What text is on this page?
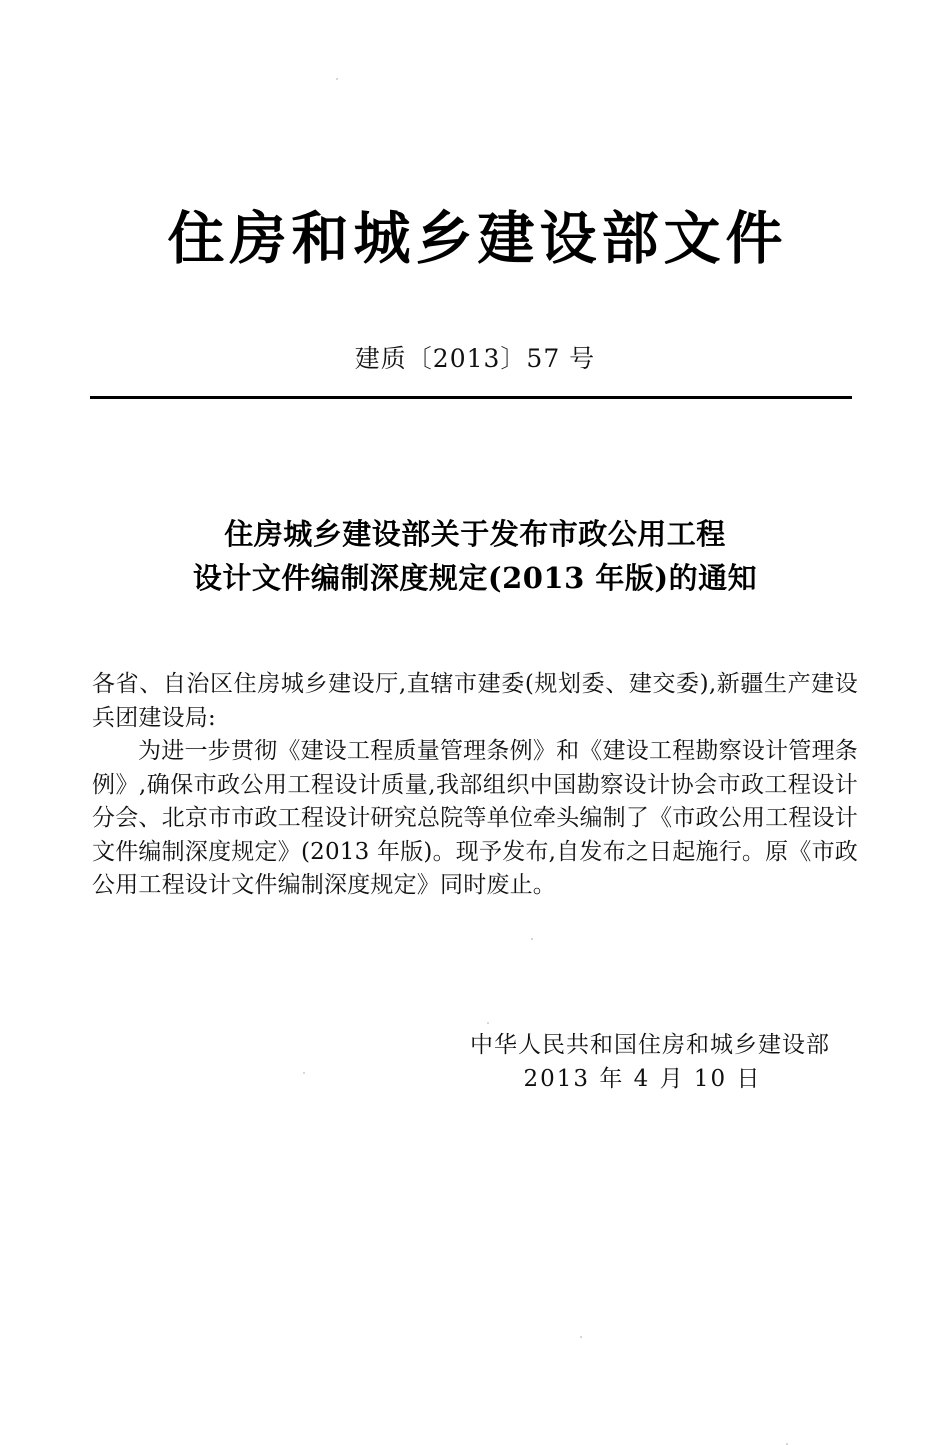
住房和城乡建设部文件
建质〔2013〕57 号
住房城乡建设部关于发布市政公用工程
设计文件编制深度规定(2013 年版)的通知

各省、自治区住房城乡建设厅,直辖市建委(规划委、建交委),新疆生产建设兵团建设局:

为进一步贯彻《建设工程质量管理条例》和《建设工程勘察设计管理条例》,确保市政公用工程设计质量,我部组织中国勘察设计协会市政工程设计分会、北京市市政工程设计研究总院等单位牵头编制了《市政公用工程设计文件编制深度规定》(2013 年版)。现予发布,自发布之日起施行。原《市政公用工程设计文件编制深度规定》同时废止。

中华人民共和国住房和城乡建设部
2013 年 4 月 10 日
